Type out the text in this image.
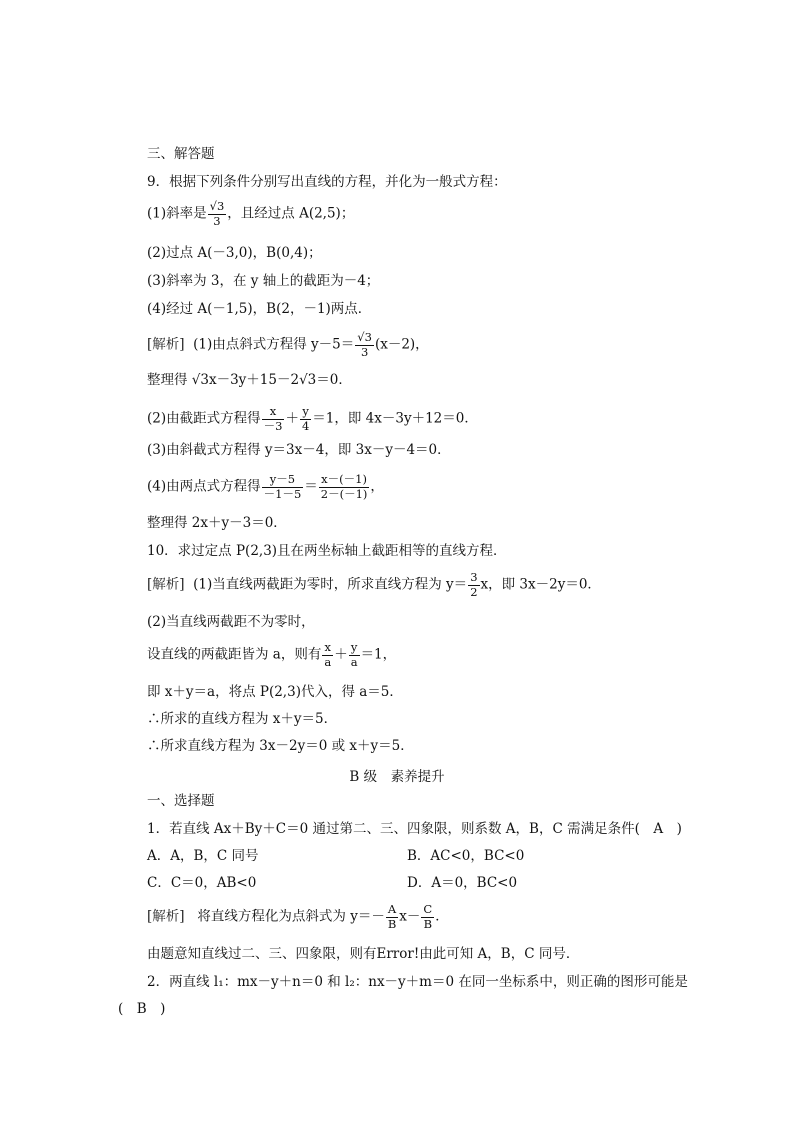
三、解答题
9．根据下列条件分别写出直线的方程，并化为一般式方程：
(1)斜率是 $\frac{√3}{3}$ ，且经过点 A(2,5)；
(2)过点 A(－3,0)，B(0,4)；
(3)斜率为 3，在 y 轴上的截距为－4；
(4)经过 A(－1,5)，B(2，－1)两点．
[解析] (1)由点斜式方程得 $y-5= \frac{√3}{3} (x-2)$，
整理得 √3x－3y＋15－2√3＝0．
(2)由截距式方程得 $\frac{x}{-3} + \frac{y}{4} =1$，即 4x－3y＋12＝0．
(3)由斜截式方程得 y＝3x－4，即 3x－y－4＝0．
(4)由两点式方程得 $\frac{y-5}{-1-5} = \frac{x-(-1)}{2-(-1)}$ ，
整理得 2x＋y－3＝0．
10．求过定点 P(2,3)且在两坐标轴上截距相等的直线方程．
[解析] (1)当直线两截距为零时，所求直线方程为 $y= \frac{3}{2}$ x，即 3x－2y＝0．
(2)当直线两截距不为零时，
设直线的两截距皆为 a，则有 $\frac{x}{a} + \frac{y}{a} =1$，
即 x＋y＝a，将点 P(2,3)代入，得 a＝5．
∴所求的直线方程为 x＋y＝5．
∴所求直线方程为 3x－2y＝0 或 x＋y＝5．
B 级　素养提升
一、选择题
1．若直线 Ax＋By＋C＝0 通过第二、三、四象限，则系数 A，B，C 需满足条件(　A　)
A．A，B，C 同号	B．AC<0，BC<0
C．C＝0，AB<0	D．A＝0，BC<0
[解析] 将直线方程化为点斜式为 $y=- \frac{A}{B} x- \frac{C}{B}$ ．
由题意知直线过二、三、四象限，则有Error!由此可知 A，B，C 同号．
2．两直线 l₁：mx－y＋n＝0 和 l₂：nx－y＋m＝0 在同一坐标系中，则正确的图形可能是
(　B　)
